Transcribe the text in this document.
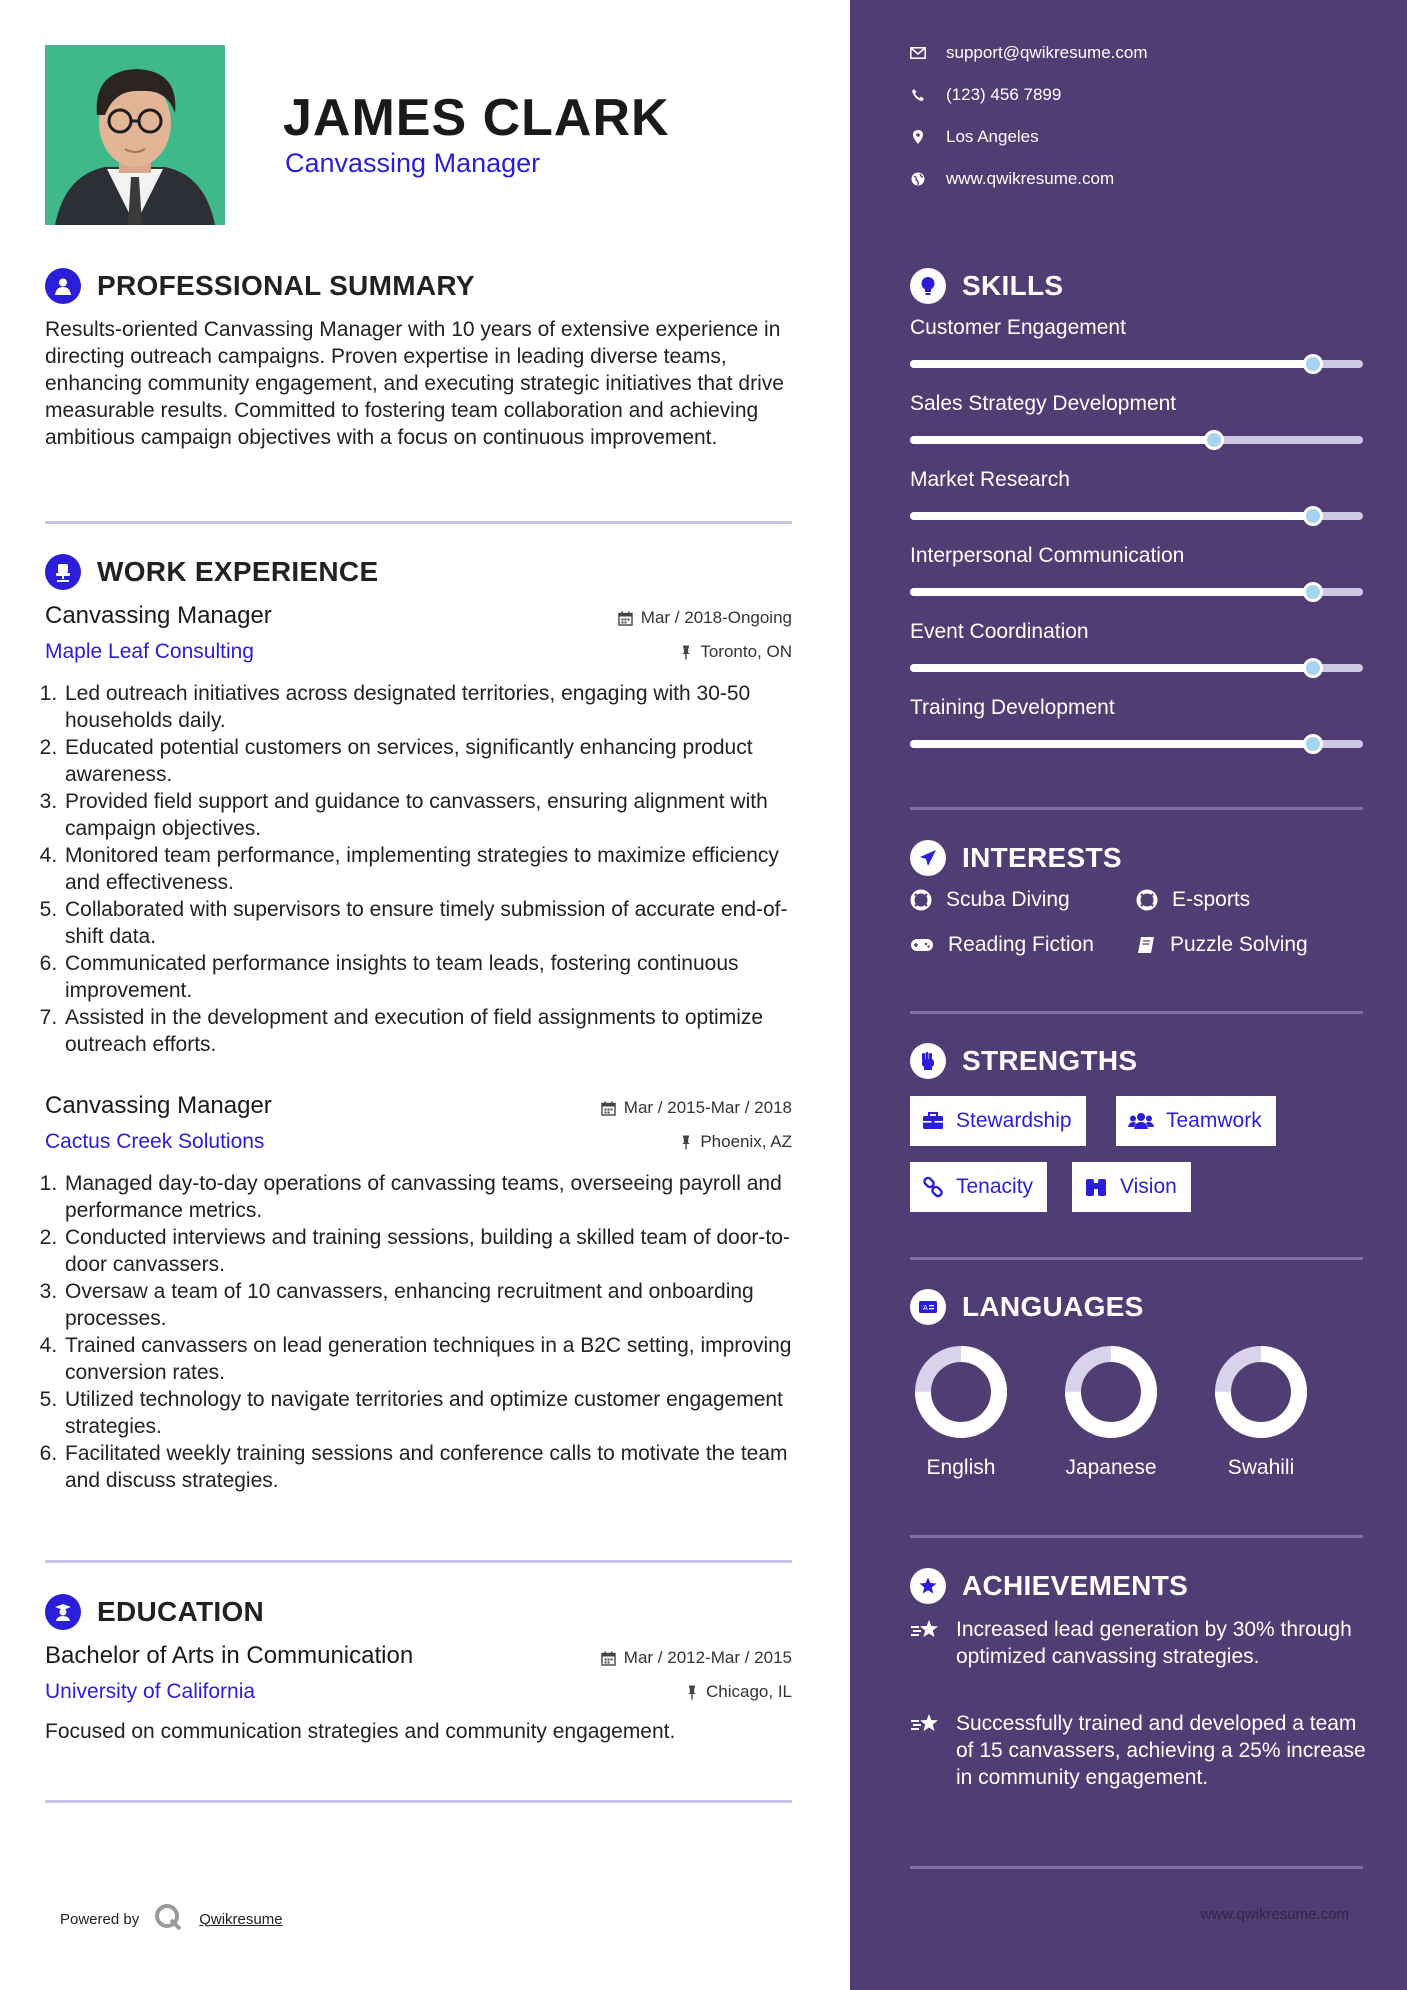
JAMES CLARK
Canvassing Manager
PROFESSIONAL SUMMARY
Results-oriented Canvassing Manager with 10 years of extensive experience in directing outreach campaigns. Proven expertise in leading diverse teams, enhancing community engagement, and executing strategic initiatives that drive measurable results. Committed to fostering team collaboration and achieving ambitious campaign objectives with a focus on continuous improvement.
WORK EXPERIENCE
Canvassing Manager
Maple Leaf Consulting
Mar / 2018-Ongoing
Toronto, ON
1. Led outreach initiatives across designated territories, engaging with 30-50 households daily.
2. Educated potential customers on services, significantly enhancing product awareness.
3. Provided field support and guidance to canvassers, ensuring alignment with campaign objectives.
4. Monitored team performance, implementing strategies to maximize efficiency and effectiveness.
5. Collaborated with supervisors to ensure timely submission of accurate end-of-shift data.
6. Communicated performance insights to team leads, fostering continuous improvement.
7. Assisted in the development and execution of field assignments to optimize outreach efforts.
Canvassing Manager
Cactus Creek Solutions
Mar / 2015-Mar / 2018
Phoenix, AZ
1. Managed day-to-day operations of canvassing teams, overseeing payroll and performance metrics.
2. Conducted interviews and training sessions, building a skilled team of door-to-door canvassers.
3. Oversaw a team of 10 canvassers, enhancing recruitment and onboarding processes.
4. Trained canvassers on lead generation techniques in a B2C setting, improving conversion rates.
5. Utilized technology to navigate territories and optimize customer engagement strategies.
6. Facilitated weekly training sessions and conference calls to motivate the team and discuss strategies.
EDUCATION
Bachelor of Arts in Communication
University of California
Mar / 2012-Mar / 2015
Chicago, IL
Focused on communication strategies and community engagement.
Powered by	Qwikresume
support@qwikresume.com
(123) 456 7899
Los Angeles
www.qwikresume.com
SKILLS
Customer Engagement
Sales Strategy Development
Market Research
Interpersonal Communication
Event Coordination
Training Development
INTERESTS
Scuba Diving	E-sports
Reading Fiction	Puzzle Solving
STRENGTHS
Stewardship	Teamwork
Tenacity	Vision
A LANGUAGES
English	Japanese	Swahili
ACHIEVEMENTS
Increased lead generation by 30% through optimized canvassing strategies.
Successfully trained and developed a team of 15 canvassers, achieving a 25% increase in community engagement.
www.qwikresume.com
